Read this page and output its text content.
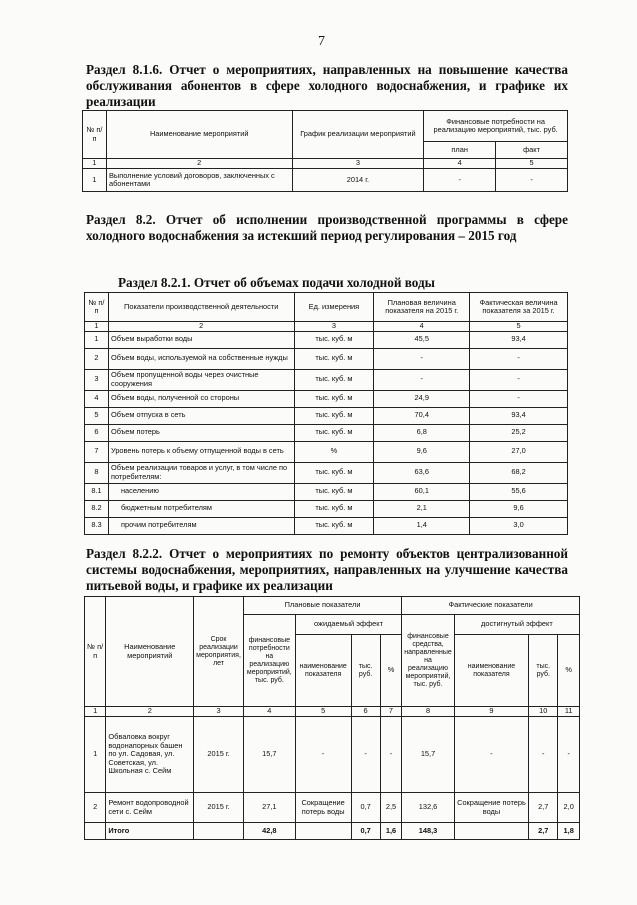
7
Раздел 8.1.6. Отчет о мероприятиях, направленных на повышение качества обслуживания абонентов в сфере холодного водоснабжения, и графике их реализации
№ п/п	Наименование мероприятий	График реализации мероприятий	Финансовые потребности на реализацию мероприятий, тыс. руб.	
			план	факт
1	2	3	4	5
1	Выполнение условий договоров, заключенных с абонентами	2014 г.	-	-
Раздел 8.2. Отчет об исполнении производственной программы в сфере холодного водоснабжения за истекший период регулирования – 2015 год
Раздел 8.2.1. Отчет об объемах подачи холодной воды
№ п/п	Показатели производственной деятельности	Ед. измерения	Плановая величина показателя на 2015 г.	Фактическая величина показателя за 2015 г.
1	2	3	4	5
1	Объем выработки воды	тыс. куб. м	45,5	93,4
2	Объем воды, используемой на собственные нужды	тыс. куб. м	-	-
3	Объем пропущенной воды через очистные сооружения	тыс. куб. м	-	-
4	Объем воды, полученной со стороны	тыс. куб. м	24,9	-
5	Объем отпуска в сеть	тыс. куб. м	70,4	93,4
6	Объем потерь	тыс. куб. м	6,8	25,2
7	Уровень потерь к объему отпущенной воды в сеть	%	9,6	27,0
8	Объем реализации товаров и услуг, в том числе по потребителям:	тыс. куб. м	63,6	68,2
8.1	населению	тыс. куб. м	60,1	55,6
8.2	бюджетным потребителям	тыс. куб. м	2,1	9,6
8.3	прочим потребителям	тыс. куб. м	1,4	3,0
Раздел 8.2.2. Отчет о мероприятиях по ремонту объектов централизованной системы водоснабжения, мероприятиях, направленных на улучшение качества питьевой воды, и графике их реализации
№ п/п	Наименование мероприятий	Срок реализации мероприятия, лет	Плановые показатели				Фактические показатели			
			финансовые потребности на реализацию мероприятий, тыс. руб.	ожидаемый эффект			финансовые средства, направленные на реализацию мероприятий, тыс. руб.	достигнутый эффект		
				наименование показателя	тыс. руб.	%		наименование показателя	тыс. руб.	%
1	2	3	4	5	6	7	8	9	10	11
1	Обваловка вокруг водонапорных башен по ул. Садовая, ул. Советская, ул. Школьная с. Сейм	2015 г.	15,7	-	-	-	15,7	-	-	-
2	Ремонт водопроводной сети с. Сейм	2015 г.	27,1	Сокращение потерь воды	0,7	2,5	132,6	Сокращение потерь воды	2,7	2,0
	Итого		42,8		0,7	1,6	148,3		2,7	1,8
